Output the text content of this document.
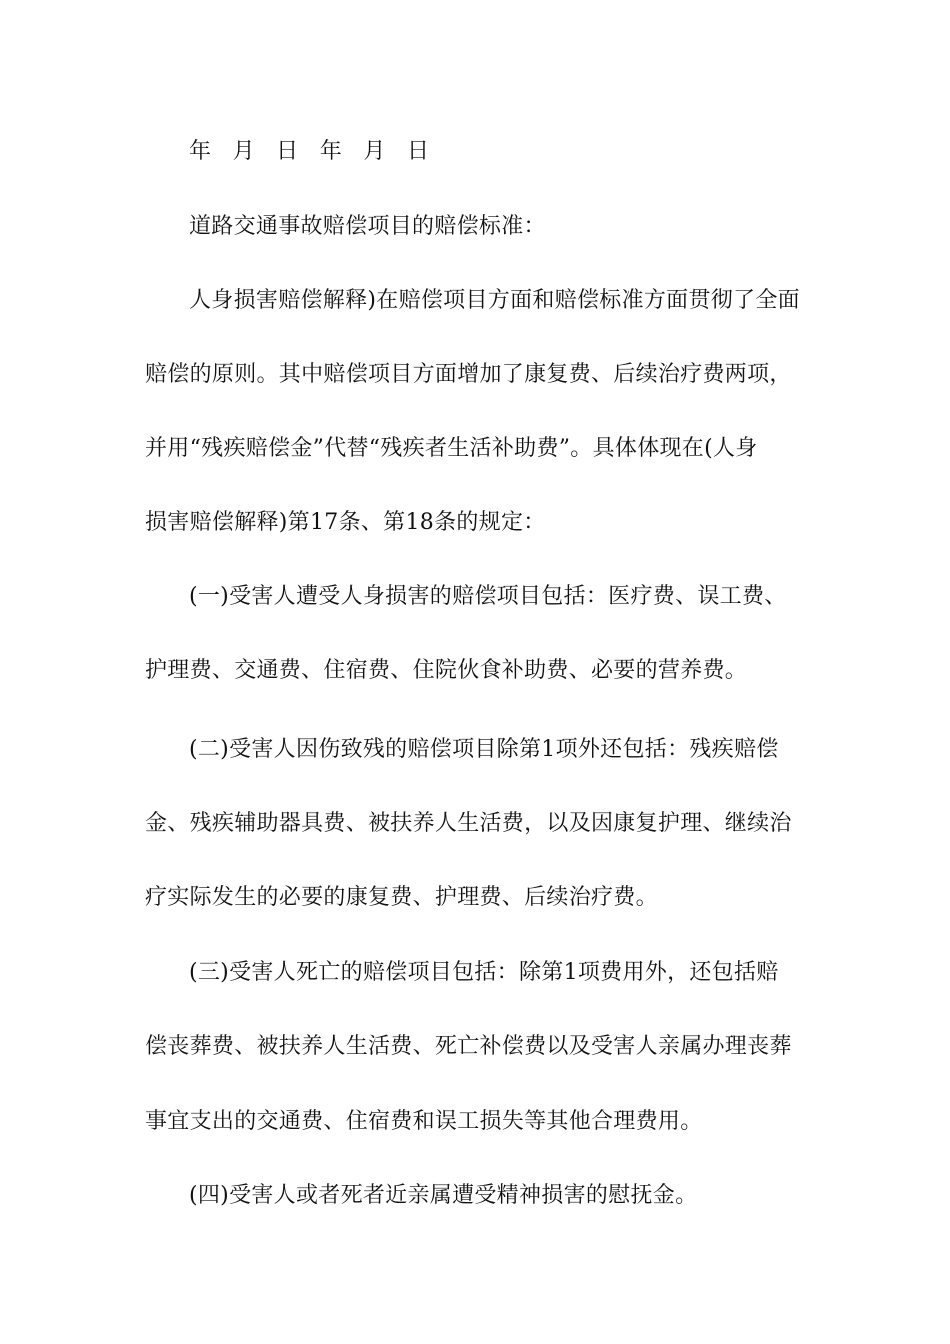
年 月 日 年 月 日
道路交通事故赔偿项目的赔偿标准：
人身损害赔偿解释)在赔偿项目方面和赔偿标准方面贯彻了全面
赔偿的原则。其中赔偿项目方面增加了康复费、后续治疗费两项，
并用“残疾赔偿金”代替“残疾者生活补助费”。具体体现在(人身
损害赔偿解释)第17条、第18条的规定：
(一)受害人遭受人身损害的赔偿项目包括：医疗费、误工费、
护理费、交通费、住宿费、住院伙食补助费、必要的营养费。
(二)受害人因伤致残的赔偿项目除第1项外还包括：残疾赔偿
金、残疾辅助器具费、被扶养人生活费，以及因康复护理、继续治
疗实际发生的必要的康复费、护理费、后续治疗费。
(三)受害人死亡的赔偿项目包括：除第1项费用外，还包括赔
偿丧葬费、被扶养人生活费、死亡补偿费以及受害人亲属办理丧葬
事宜支出的交通费、住宿费和误工损失等其他合理费用。
(四)受害人或者死者近亲属遭受精神损害的慰抚金。
